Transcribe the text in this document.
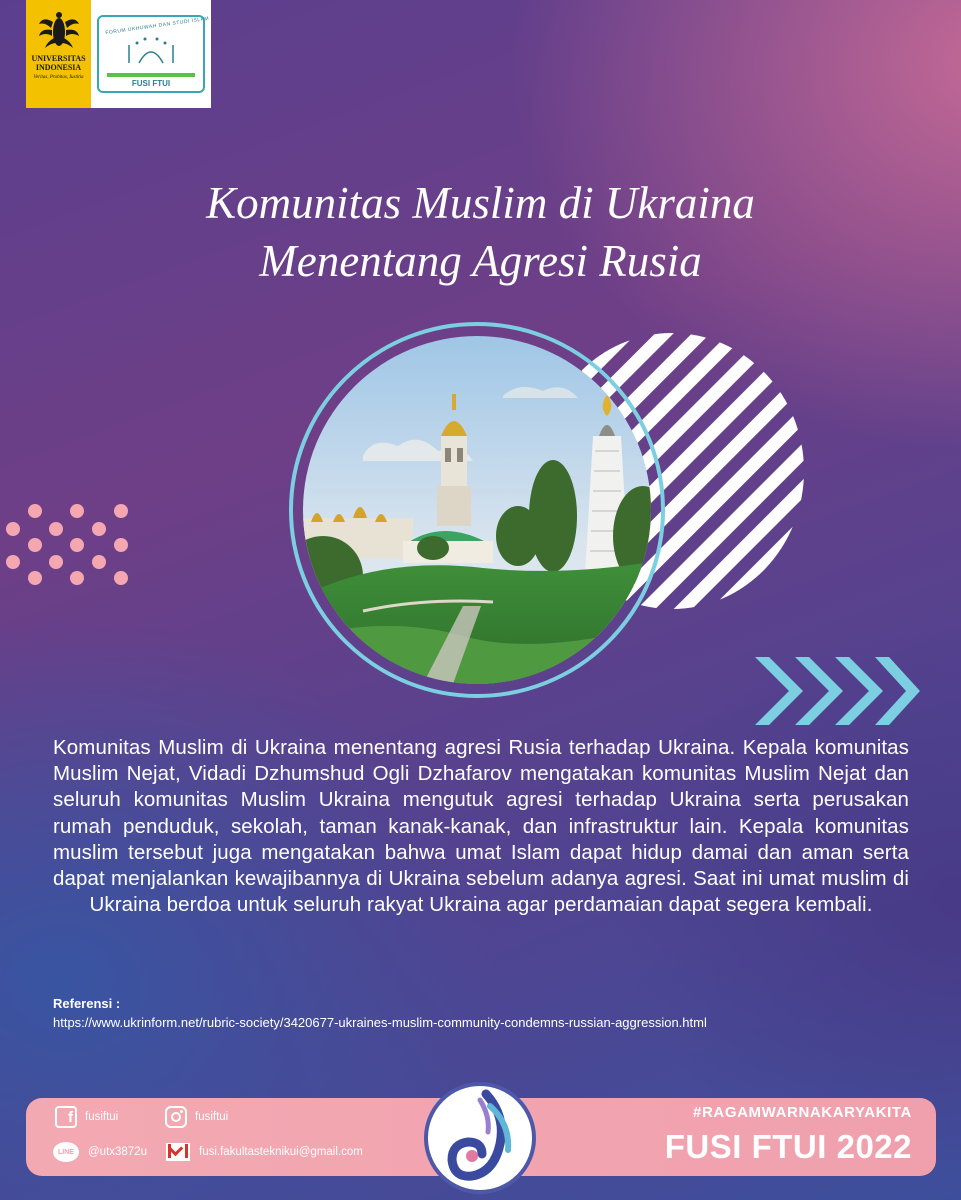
UNIVERSITAS
INDONESIA
Veritas, Probitas, Iustitia
FORUM UKHUWAH DAN STUDI ISLAM
FUSI FTUI
Komunitas Muslim di Ukraina
Menentang Agresi Rusia
Komunitas Muslim di Ukraina menentang agresi Rusia terhadap Ukraina. Kepala komunitas Muslim Nejat, Vidadi Dzhumshud Ogli Dzhafarov mengatakan komunitas Muslim Nejat dan seluruh komunitas Muslim Ukraina mengutuk agresi terhadap Ukraina serta perusakan rumah penduduk, sekolah, taman kanak-kanak, dan infrastruktur lain. Kepala komunitas muslim tersebut juga mengatakan bahwa umat Islam dapat hidup damai dan aman serta dapat menjalankan kewajibannya di Ukraina sebelum adanya agresi. Saat ini umat muslim di Ukraina berdoa untuk seluruh rakyat Ukraina agar perdamaian dapat segera kembali.
Referensi :
https://www.ukrinform.net/rubric-society/3420677-ukraines-muslim-community-condemns-russian-aggression.html
f	fusiftui	fusiftui
LINE	@utx3872u	fusi.fakultasteknikui@gmail.com
#RAGAMWARNAKARYAKITA
FUSI FTUI 2022
